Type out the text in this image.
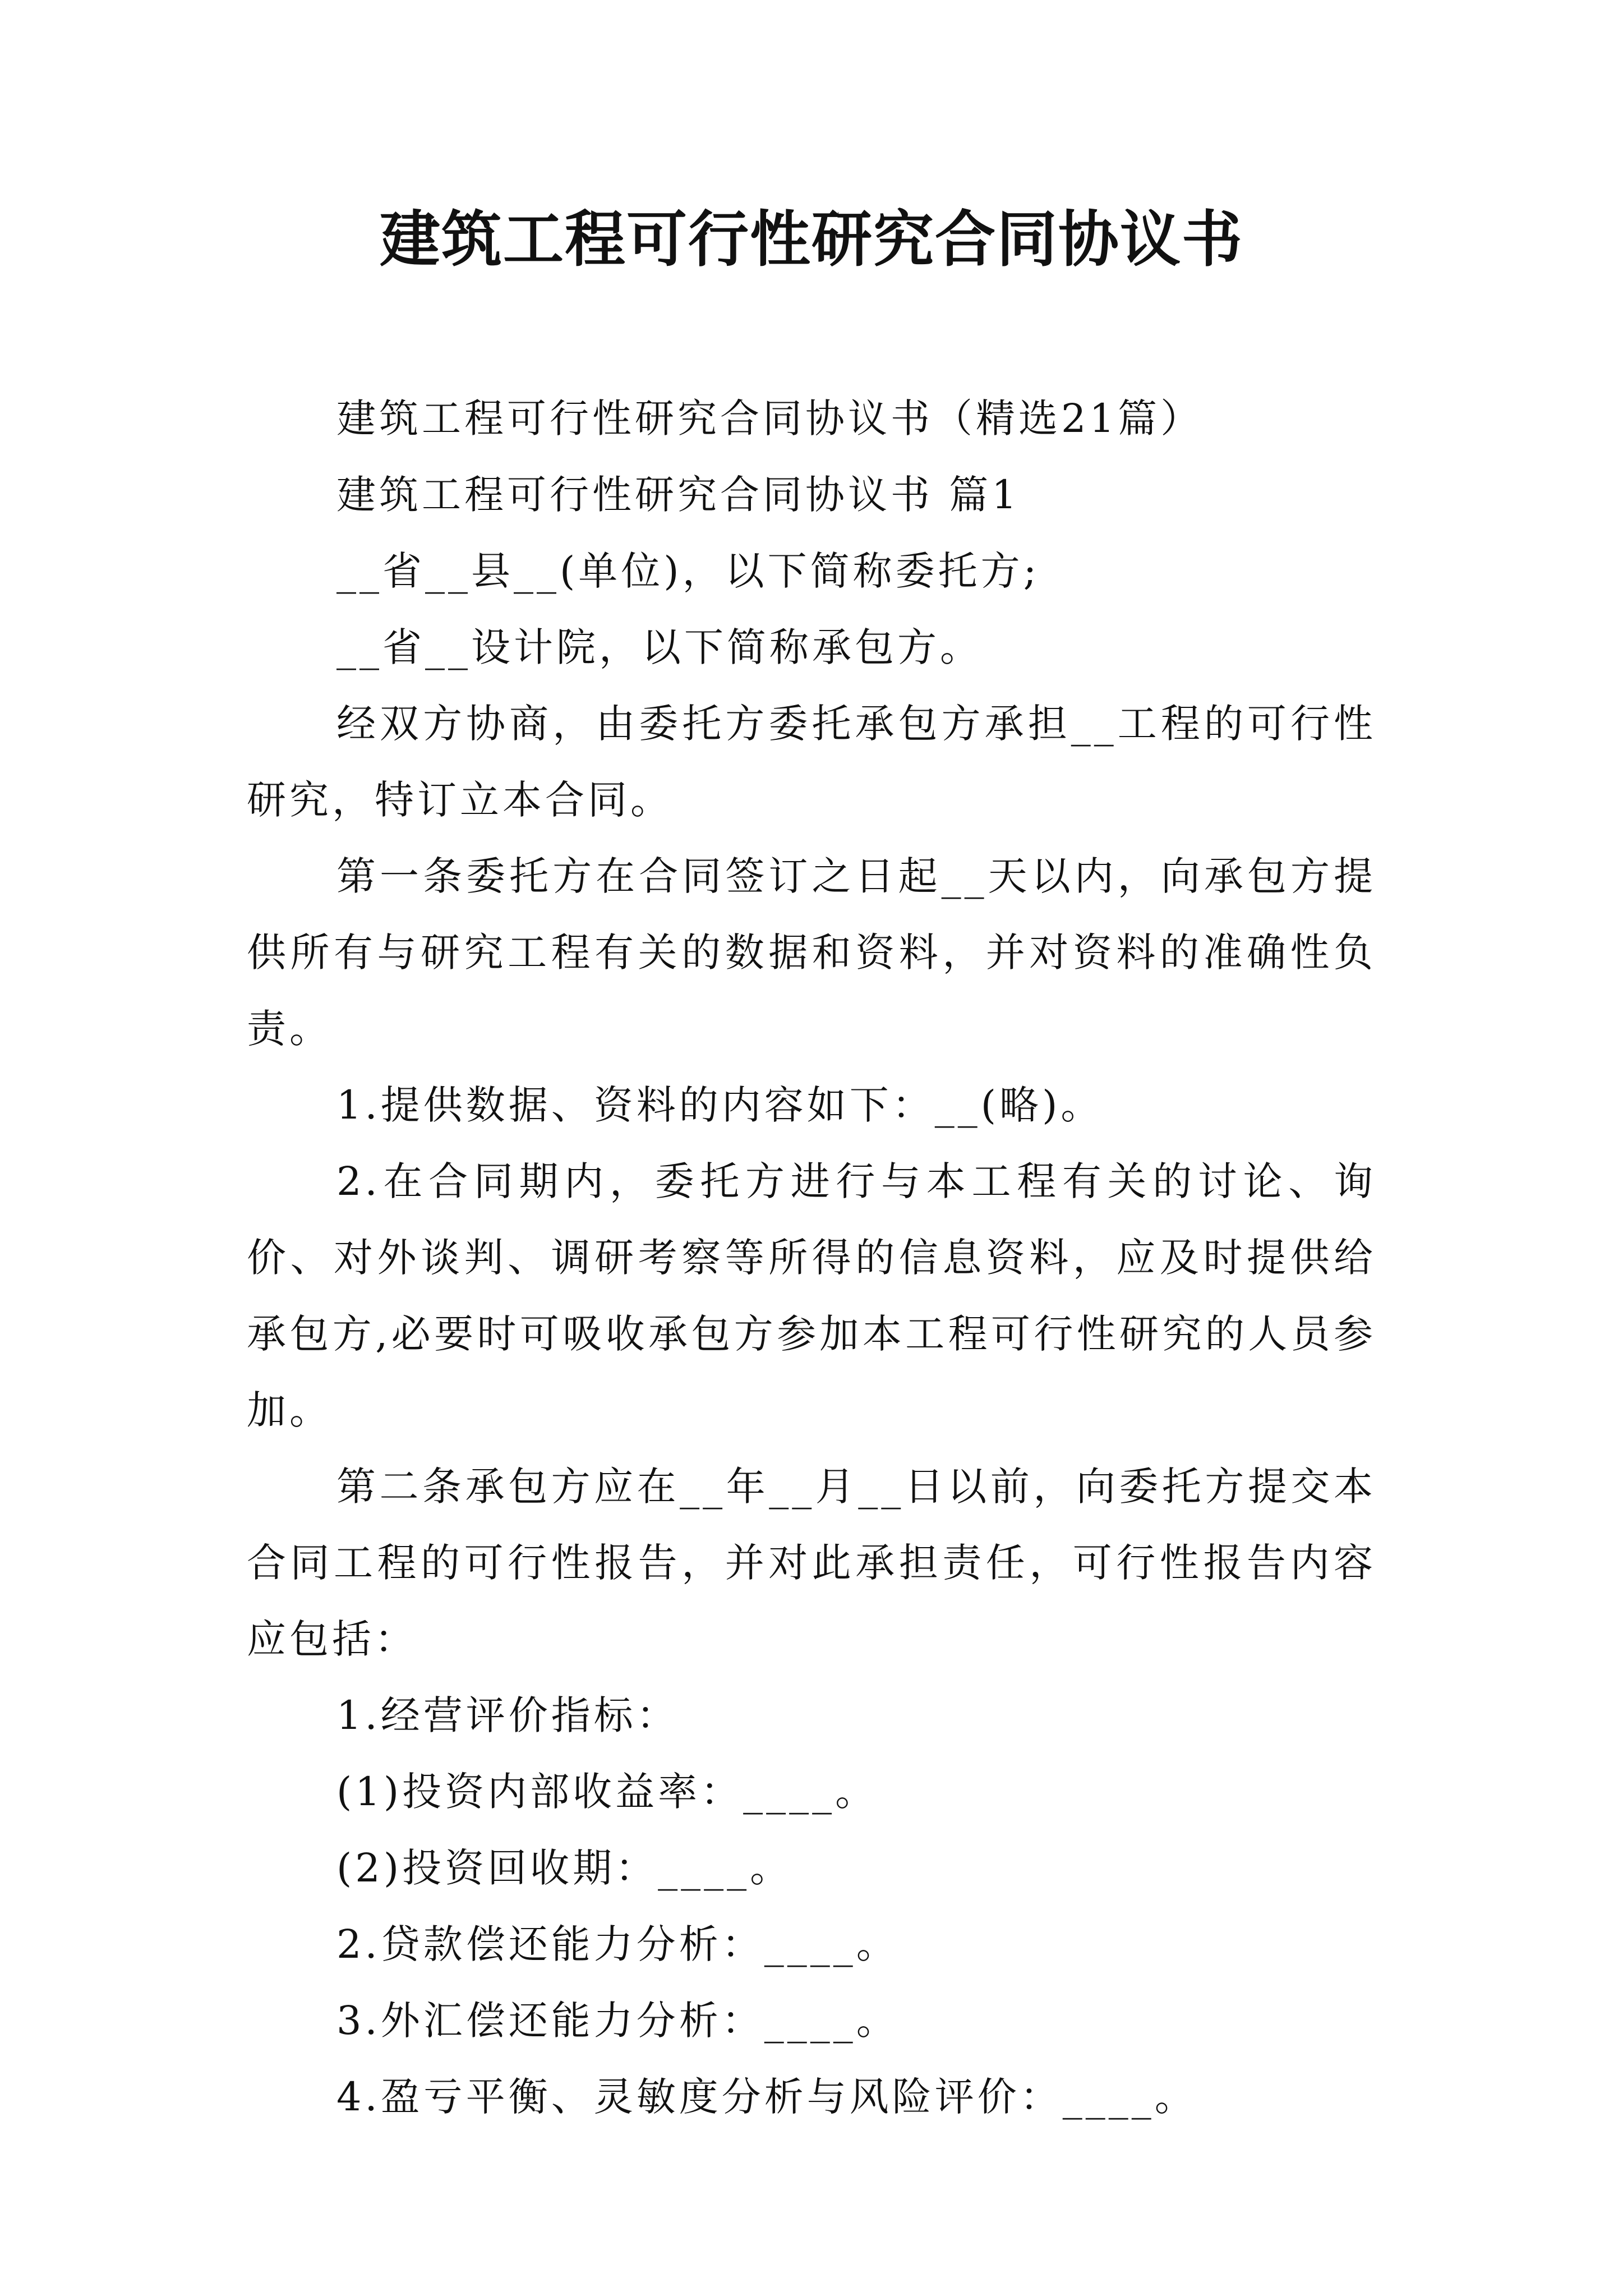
建筑工程可行性研究合同协议书

建筑工程可行性研究合同协议书（精选21篇）

建筑工程可行性研究合同协议书 篇1

__省__县__(单位)，以下简称委托方;

__省__设计院，以下简称承包方。

经双方协商，由委托方委托承包方承担__工程的可行性研究，特订立本合同。

第一条委托方在合同签订之日起__天以内，向承包方提供所有与研究工程有关的数据和资料，并对资料的准确性负责。

1.提供数据、资料的内容如下：__(略)。

2.在合同期内，委托方进行与本工程有关的讨论、询价、对外谈判、调研考察等所得的信息资料，应及时提供给承包方,必要时可吸收承包方参加本工程可行性研究的人员参加。

第二条承包方应在__年__月__日以前，向委托方提交本合同工程的可行性报告，并对此承担责任，可行性报告内容应包括：

1.经营评价指标：

(1)投资内部收益率：____。

(2)投资回收期：____。

2.贷款偿还能力分析：____。

3.外汇偿还能力分析：____。

4.盈亏平衡、灵敏度分析与风险评价：____。
